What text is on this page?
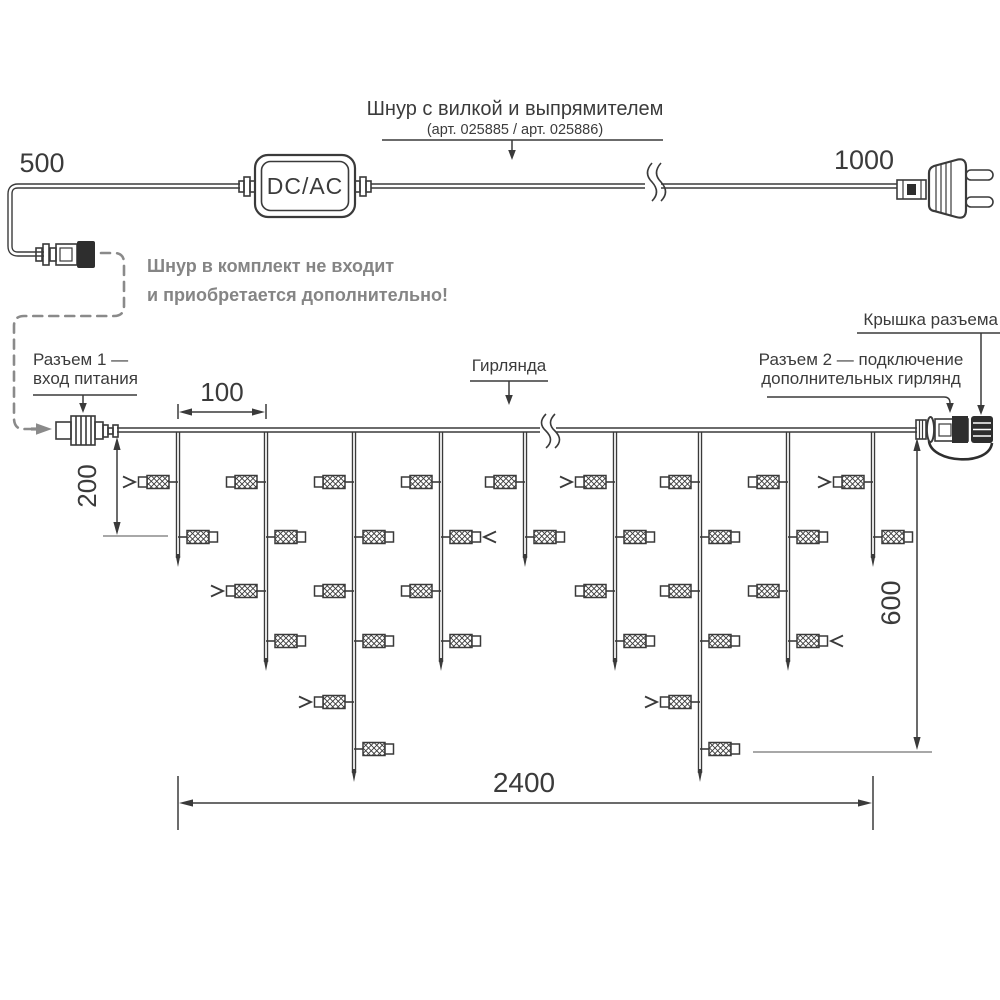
DC/AC
500	1000
Шнур с вилкой и выпрямителем
(арт. 025885 / арт. 025886)
Шнур в комплект не входит
и приобретается дополнительно!
Гирлянда
Разъем 1 —
вход питания
Разъем 2 — подключение
дополнительных гирлянд
Крышка разъема
100
200
600
2400
